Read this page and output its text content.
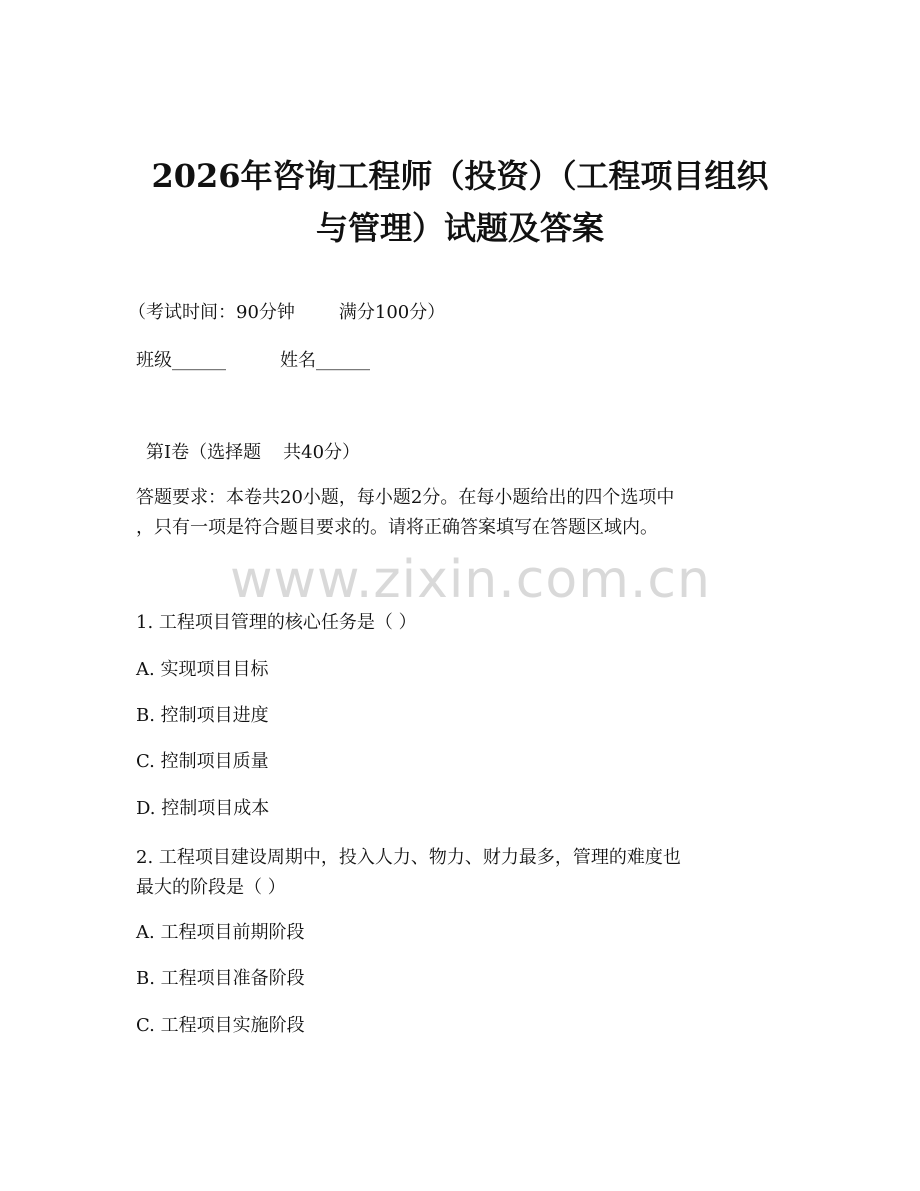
2026年咨询工程师（投资）（工程项目组织
与管理）试题及答案
（考试时间：90分钟 满分100分）
班级______	姓名______
第Ⅰ卷（选择题 共40分）
答题要求：本卷共20小题，每小题2分。在每小题给出的四个选项中
，只有一项是符合题目要求的。请将正确答案填写在答题区域内。
www.zixin.com.cn
1. 工程项目管理的核心任务是（ ）
A. 实现项目目标
B. 控制项目进度
C. 控制项目质量
D. 控制项目成本
2. 工程项目建设周期中，投入人力、物力、财力最多，管理的难度也
最大的阶段是（ ）
A. 工程项目前期阶段
B. 工程项目准备阶段
C. 工程项目实施阶段
